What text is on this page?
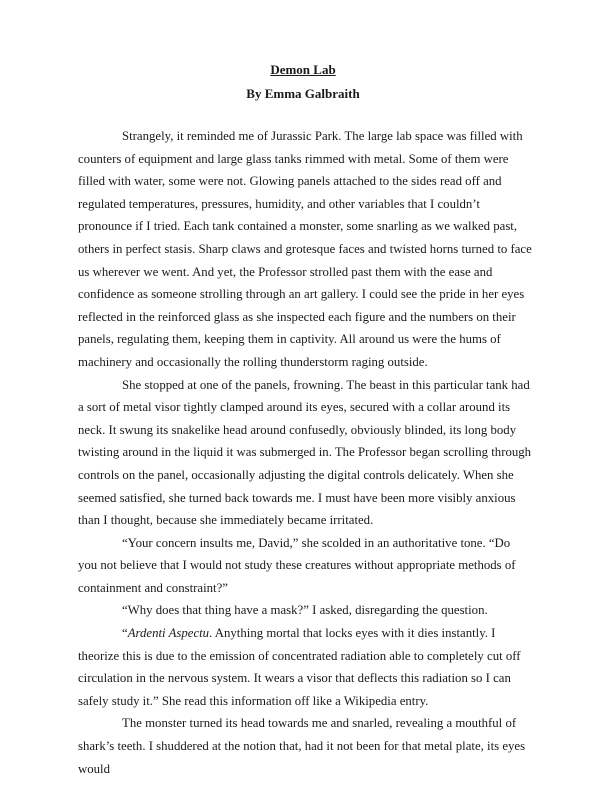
Demon Lab
By Emma Galbraith

Strangely, it reminded me of Jurassic Park. The large lab space was filled with counters of equipment and large glass tanks rimmed with metal. Some of them were filled with water, some were not. Glowing panels attached to the sides read off and regulated temperatures, pressures, humidity, and other variables that I couldn’t pronounce if I tried. Each tank contained a monster, some snarling as we walked past, others in perfect stasis. Sharp claws and grotesque faces and twisted horns turned to face us wherever we went. And yet, the Professor strolled past them with the ease and confidence as someone strolling through an art gallery. I could see the pride in her eyes reflected in the reinforced glass as she inspected each figure and the numbers on their panels, regulating them, keeping them in captivity. All around us were the hums of machinery and occasionally the rolling thunderstorm raging outside.

She stopped at one of the panels, frowning. The beast in this particular tank had a sort of metal visor tightly clamped around its eyes, secured with a collar around its neck. It swung its snakelike head around confusedly, obviously blinded, its long body twisting around in the liquid it was submerged in. The Professor began scrolling through controls on the panel, occasionally adjusting the digital controls delicately. When she seemed satisfied, she turned back towards me. I must have been more visibly anxious than I thought, because she immediately became irritated.

“Your concern insults me, David,” she scolded in an authoritative tone. “Do you not believe that I would not study these creatures without appropriate methods of containment and constraint?”

“Why does that thing have a mask?” I asked, disregarding the question.

“Ardenti Aspectu. Anything mortal that locks eyes with it dies instantly. I theorize this is due to the emission of concentrated radiation able to completely cut off circulation in the nervous system. It wears a visor that deflects this radiation so I can safely study it.” She read this information off like a Wikipedia entry.

The monster turned its head towards me and snarled, revealing a mouthful of shark’s teeth. I shuddered at the notion that, had it not been for that metal plate, its eyes would
